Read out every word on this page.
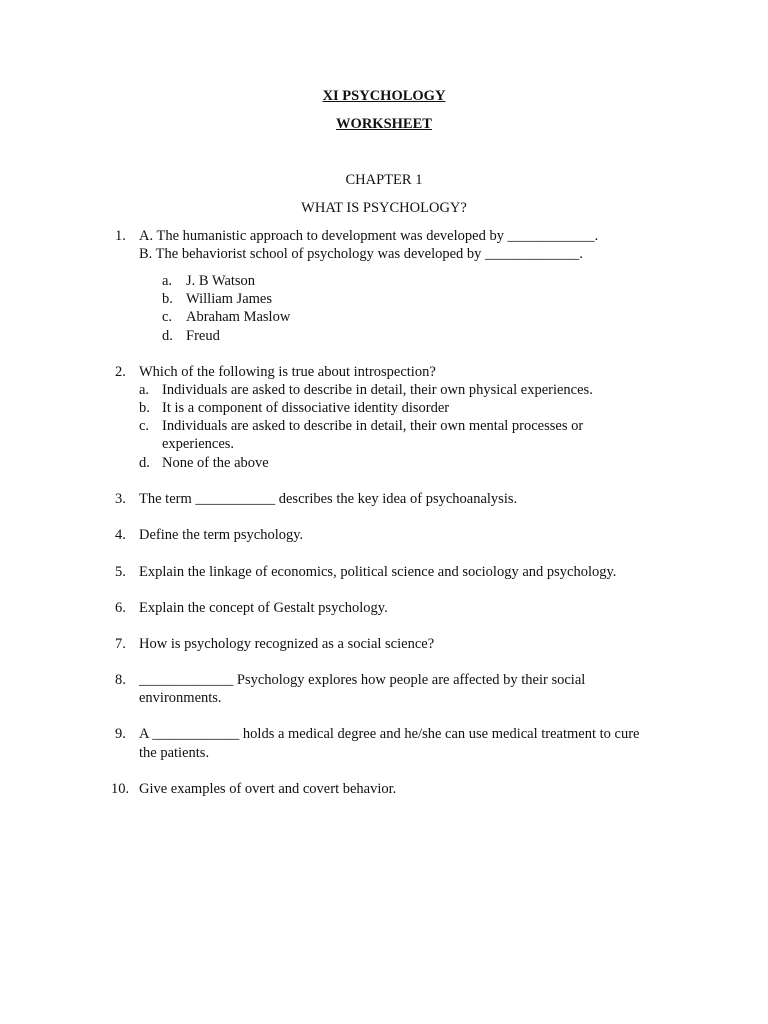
XI PSYCHOLOGY
WORKSHEET
CHAPTER 1
WHAT IS PSYCHOLOGY?
1. A. The humanistic approach to development was developed by ____________.
B. The behaviorist school of psychology was developed by _____________.
a. J. B Watson
b. William James
c. Abraham Maslow
d. Freud
2. Which of the following is true about introspection?
a. Individuals are asked to describe in detail, their own physical experiences.
b. It is a component of dissociative identity disorder
c. Individuals are asked to describe in detail, their own mental processes or
experiences.
d. None of the above
3. The term ___________ describes the key idea of psychoanalysis.
4. Define the term psychology.
5. Explain the linkage of economics, political science and sociology and psychology.
6. Explain the concept of Gestalt psychology.
7. How is psychology recognized as a social science?
8. _____________ Psychology explores how people are affected by their social
environments.
9. A ____________ holds a medical degree and he/she can use medical treatment to cure
the patients.
10. Give examples of overt and covert behavior.
